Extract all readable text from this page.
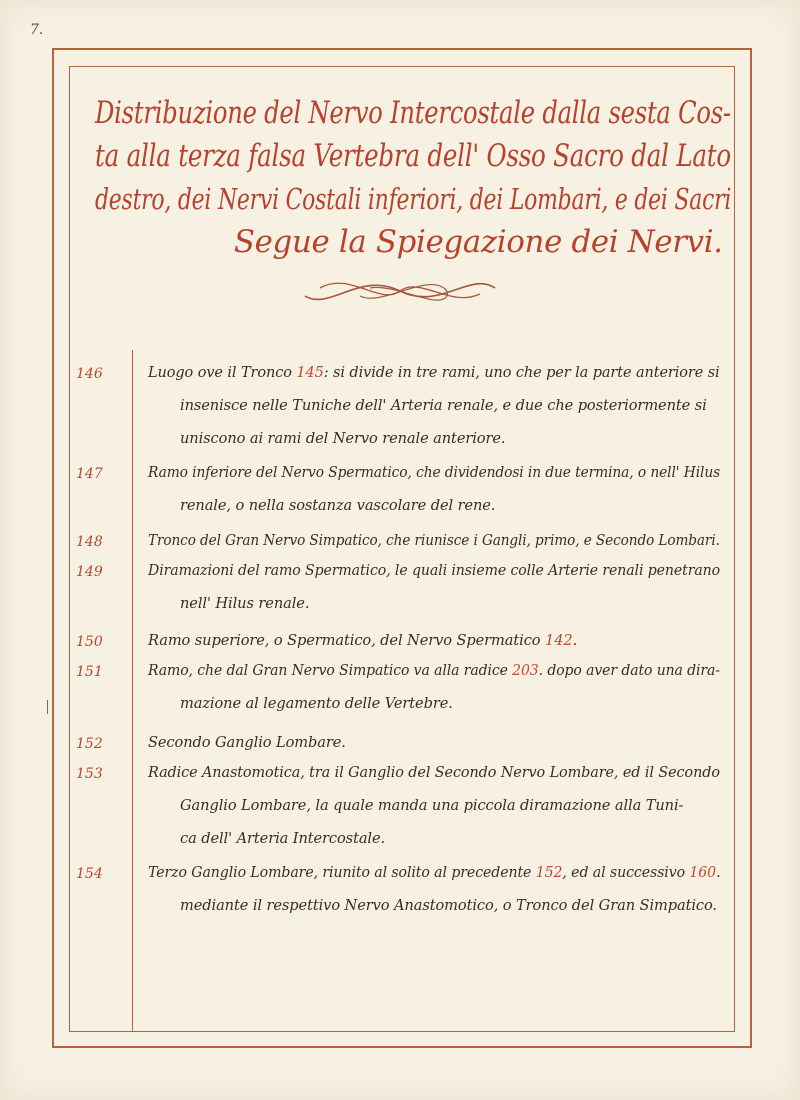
7.
Distribuzione del Nervo Intercostale dalla sesta Cos-
ta alla terza falsa Vertebra dell' Osso Sacro dal Lato
destro, dei Nervi Costali inferiori, dei Lombari, e dei Sacri
Segue la Spiegazione dei Nervi.
146	Luogo ove il Tronco 145: si divide in tre rami, uno che per la parte anteriore si
insenisce nelle Tuniche dell' Arteria renale, e due che posteriormente si
uniscono ai rami del Nervo renale anteriore.
147	Ramo inferiore del Nervo Spermatico, che dividendosi in due termina, o nell' Hilus
renale, o nella sostanza vascolare del rene.
148	Tronco del Gran Nervo Simpatico, che riunisce i Gangli, primo, e Secondo Lombari.
149	Diramazioni del ramo Spermatico, le quali insieme colle Arterie renali penetrano
nell' Hilus renale.
150	Ramo superiore, o Spermatico, del Nervo Spermatico 142.
151	Ramo, che dal Gran Nervo Simpatico va alla radice 203. dopo aver dato una dira-
mazione al legamento delle Vertebre.
152	Secondo Ganglio Lombare.
153	Radice Anastomotica, tra il Ganglio del Secondo Nervo Lombare, ed il Secondo
Ganglio Lombare, la quale manda una piccola diramazione alla Tuni-
ca dell' Arteria Intercostale.
154	Terzo Ganglio Lombare, riunito al solito al precedente 152, ed al successivo 160.
mediante il respettivo Nervo Anastomotico, o Tronco del Gran Simpatico.
